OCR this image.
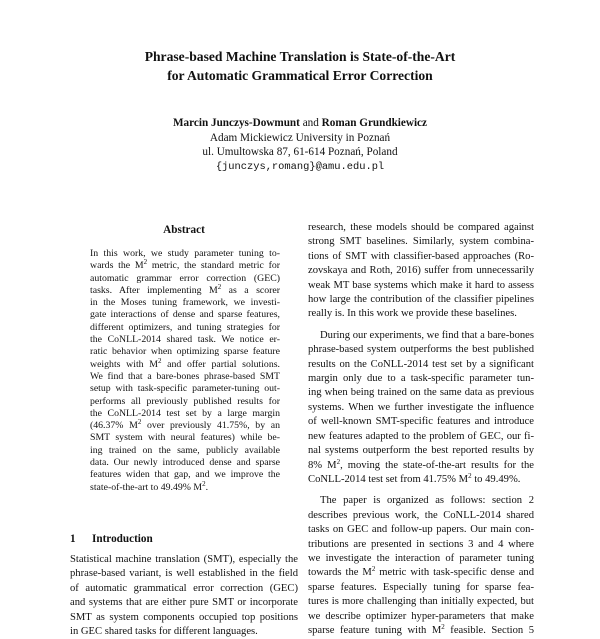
Phrase-based Machine Translation is State-of-the-Art
for Automatic Grammatical Error Correction
Marcin Junczys-Dowmunt and Roman Grundkiewicz
Adam Mickiewicz University in Poznań
ul. Umultowska 87, 61-614 Poznań, Poland
{junczys,romang}@amu.edu.pl
Abstract
In this work, we study parameter tuning to-
wards the $M^2$ metric, the standard metric for
automatic grammar error correction (GEC)
tasks. After implementing $M^2$ as a scorer
in the Moses tuning framework, we investi-
gate interactions of dense and sparse features,
different optimizers, and tuning strategies for
the CoNLL-2014 shared task. We notice er-
ratic behavior when optimizing sparse feature
weights with $M^2$ and offer partial solutions.
We find that a bare-bones phrase-based SMT
setup with task-specific parameter-tuning out-
performs all previously published results for
the CoNLL-2014 test set by a large margin
(46.37% $M^2$ over previously 41.75%, by an
SMT system with neural features) while be-
ing trained on the same, publicly available
data. Our newly introduced dense and sparse
features widen that gap, and we improve the
state-of-the-art to 49.49% $M^2$.
1 Introduction
Statistical machine translation (SMT), especially the
phrase-based variant, is well established in the field
of automatic grammatical error correction (GEC)
and systems that are either pure SMT or incorporate
SMT as system components occupied top positions
in GEC shared tasks for different languages.
research, these models should be compared against
strong SMT baselines. Similarly, system combina-
tions of SMT with classifier-based approaches (Ro-
zovskaya and Roth, 2016) suffer from unnecessarily
weak MT base systems which make it hard to assess
how large the contribution of the classifier pipelines
really is. In this work we provide these baselines.
During our experiments, we find that a bare-bones
phrase-based system outperforms the best published
results on the CoNLL-2014 test set by a significant
margin only due to a task-specific parameter tun-
ing when being trained on the same data as previous
systems. When we further investigate the influence
of well-known SMT-specific features and introduce
new features adapted to the problem of GEC, our fi-
nal systems outperform the best reported results by
8% $M^2$, moving the state-of-the-art results for the
CoNLL-2014 test set from 41.75% $M^2$ to 49.49%.
The paper is organized as follows: section 2
describes previous work, the CoNLL-2014 shared
tasks on GEC and follow-up papers. Our main con-
tributions are presented in sections 3 and 4 where
we investigate the interaction of parameter tuning
towards the $M^2$ metric with task-specific dense and
sparse features. Especially tuning for sparse fea-
tures is more challenging than initially expected, but
we describe optimizer hyper-parameters that make
sparse feature tuning with $M^2$ feasible. Section 5
